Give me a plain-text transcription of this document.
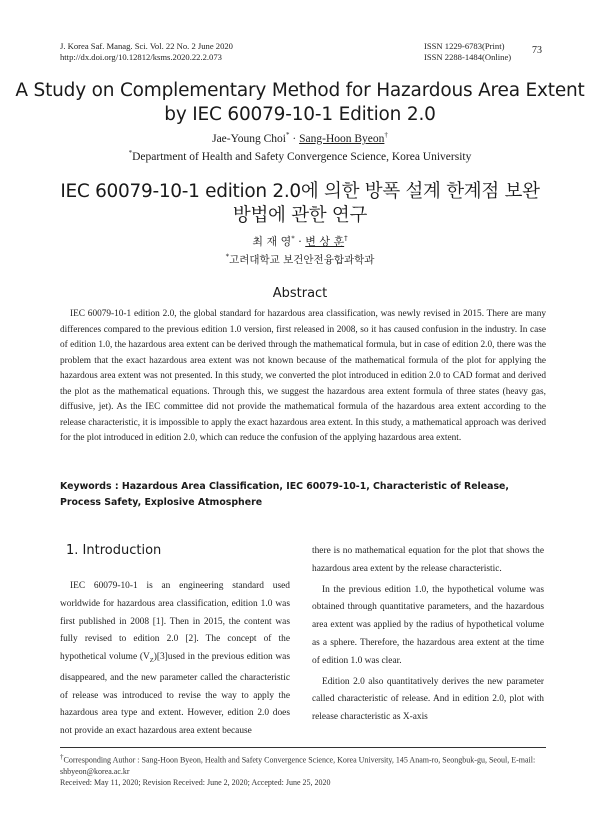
J. Korea Saf. Manag. Sci. Vol. 22 No. 2 June 2020
http://dx.doi.org/10.12812/ksms.2020.22.2.073
ISSN 1229-6783(Print)
ISSN 2288-1484(Online)
73
A Study on Complementary Method for Hazardous Area Extent
by IEC 60079-10-1 Edition 2.0
Jae-Young Choi* · Sang-Hoon Byeon†
*Department of Health and Safety Convergence Science, Korea University
IEC 60079-10-1 edition 2.0에 의한 방폭 설계 한계점 보완
방법에 관한 연구
최 재 영* · 변 상 훈†
*고려대학교 보건안전융합과학과
Abstract
IEC 60079-10-1 edition 2.0, the global standard for hazardous area classification, was newly revised in 2015. There are many differences compared to the previous edition 1.0 version, first released in 2008, so it has caused confusion in the industry. In case of edition 1.0, the hazardous area extent can be derived through the mathematical formula, but in case of edition 2.0, there was the problem that the exact hazardous area extent was not known because of the mathematical formula of the plot for applying the hazardous area extent was not presented. In this study, we converted the plot introduced in edition 2.0 to CAD format and derived the plot as the mathematical equations. Through this, we suggest the hazardous area extent formula of three states (heavy gas, diffusive, jet). As the IEC committee did not provide the mathematical formula of the hazardous area extent according to the release characteristic, it is impossible to apply the exact hazardous area extent. In this study, a mathematical approach was derived for the plot introduced in edition 2.0, which can reduce the confusion of the applying hazardous area extent.
Keywords : Hazardous Area Classification, IEC 60079-10-1, Characteristic of Release, Process Safety, Explosive Atmosphere
1. Introduction

IEC 60079-10-1 is an engineering standard used worldwide for hazardous area classification, edition 1.0 was first published in 2008 [1]. Then in 2015, the content was fully revised to edition 2.0 [2]. The concept of the hypothetical volume $(V_Z)[3]used$ in the previous edition was disappeared, and the new parameter called the characteristic of release was introduced to revise the way to apply the hazardous area type and extent. However, edition 2.0 does not provide an exact hazardous area extent because

there is no mathematical equation for the plot that shows the hazardous area extent by the release characteristic.

In the previous edition 1.0, the hypothetical volume was obtained through quantitative parameters, and the hazardous area extent was applied by the radius of hypothetical volume as a sphere. Therefore, the hazardous area extent at the time of edition 1.0 was clear.

Edition 2.0 also quantitatively derives the new parameter called characteristic of release. And in edition 2.0, plot with release characteristic as X-axis

†Corresponding Author : Sang-Hoon Byeon, Health and Safety Convergence Science, Korea University, 145 Anam-ro, Seongbuk-gu, Seoul, E-mail: shbyeon@korea.ac.kr

Received: May 11, 2020; Revision Received: June 2, 2020; Accepted: June 25, 2020
